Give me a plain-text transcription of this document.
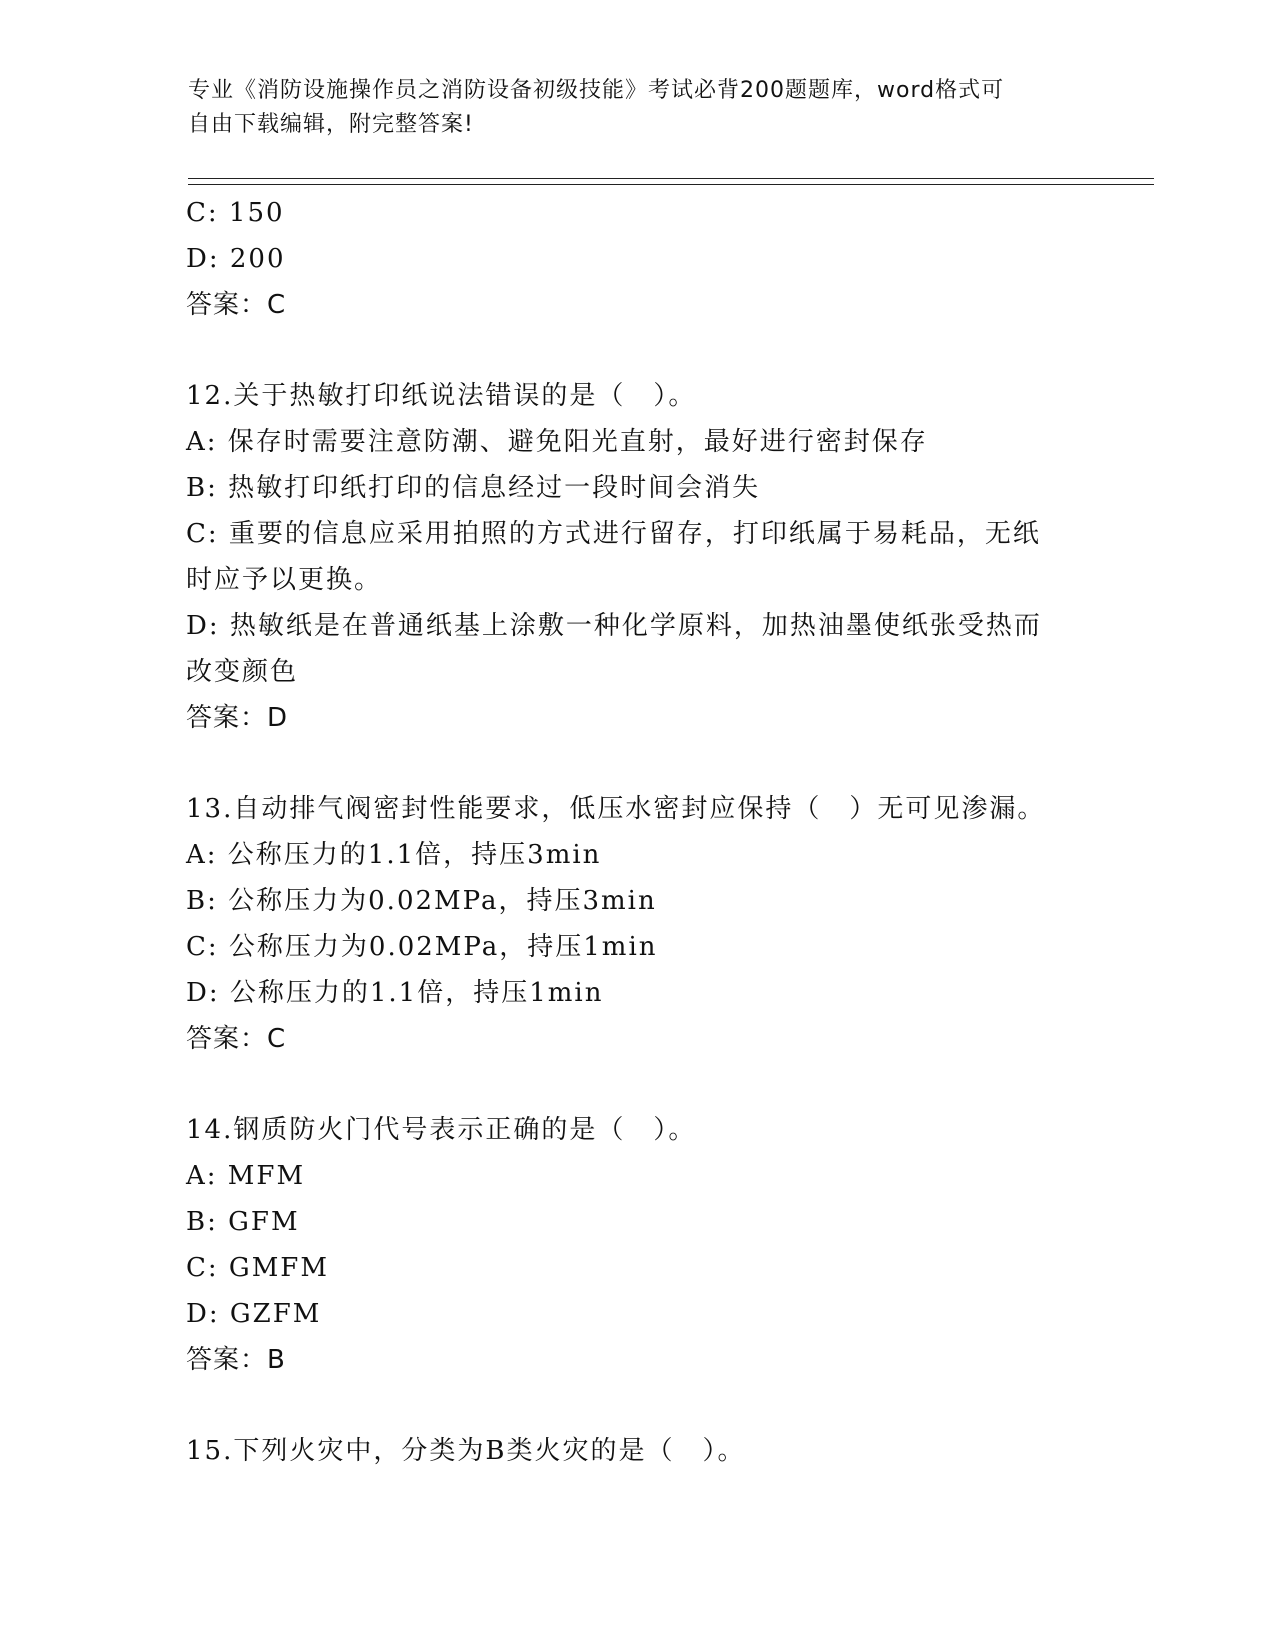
专业《消防设施操作员之消防设备初级技能》考试必背200题题库，word格式可
自由下载编辑，附完整答案!
C: 150
D: 200
答案：C
12.关于热敏打印纸说法错误的是（　）。
A: 保存时需要注意防潮、避免阳光直射，最好进行密封保存
B: 热敏打印纸打印的信息经过一段时间会消失
C: 重要的信息应采用拍照的方式进行留存，打印纸属于易耗品，无纸
时应予以更换。
D: 热敏纸是在普通纸基上涂敷一种化学原料，加热油墨使纸张受热而
改变颜色
答案：D
13.自动排气阀密封性能要求，低压水密封应保持（　）无可见渗漏。
A: 公称压力的1.1倍，持压3min
B: 公称压力为0.02MPa，持压3min
C: 公称压力为0.02MPa，持压1min
D: 公称压力的1.1倍，持压1min
答案：C
14.钢质防火门代号表示正确的是（　）。
A: MFM
B: GFM
C: GMFM
D: GZFM
答案：B
15.下列火灾中，分类为B类火灾的是（　）。
